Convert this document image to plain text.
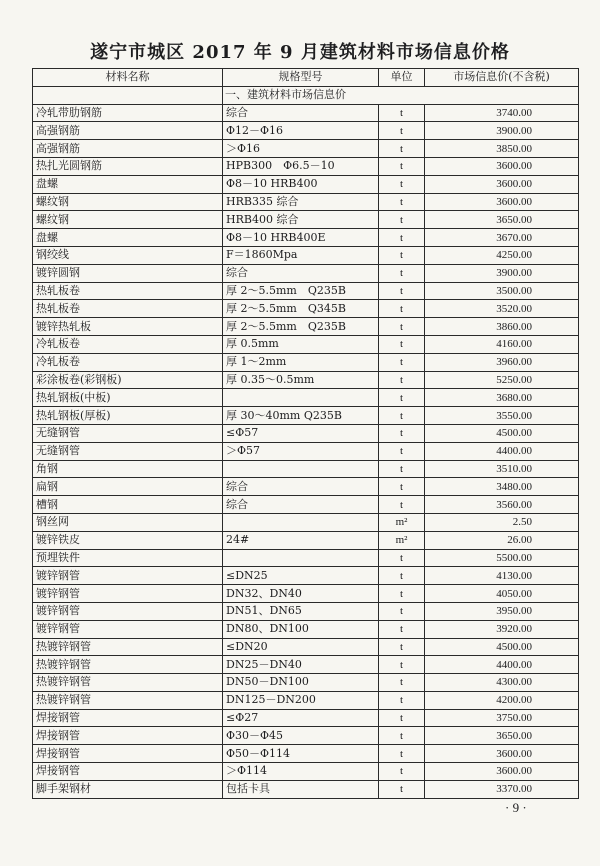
遂宁市城区 2017 年 9 月建筑材料市场信息价格
材料名称	规格型号	单位	市场信息价(不含税)
	一、建筑材料市场信息价		
冷轧带肋钢筋	综合	t	3740.00
高强钢筋	Φ12－Φ16	t	3900.00
高强钢筋	＞Φ16	t	3850.00
热扎光圆钢筋	HPB300　Φ6.5－10	t	3600.00
盘螺	Φ8－10 HRB400	t	3600.00
螺纹钢	HRB335 综合	t	3600.00
螺纹钢	HRB400 综合	t	3650.00
盘螺	Φ8－10 HRB400E	t	3670.00
钢绞线	F＝1860Mpa	t	4250.00
镀锌圆钢	综合	t	3900.00
热轧板卷	厚 2～5.5mm　Q235B	t	3500.00
热轧板卷	厚 2～5.5mm　Q345B	t	3520.00
镀锌热轧板	厚 2～5.5mm　Q235B	t	3860.00
冷轧板卷	厚 0.5mm	t	4160.00
冷轧板卷	厚 1～2mm	t	3960.00
彩涂板卷(彩钢板)	厚 0.35～0.5mm	t	5250.00
热轧钢板(中板)		t	3680.00
热轧钢板(厚板)	厚 30～40mm Q235B	t	3550.00
无缝钢管	≤Φ57	t	4500.00
无缝钢管	＞Φ57	t	4400.00
角钢		t	3510.00
扁钢	综合	t	3480.00
槽钢	综合	t	3560.00
钢丝网		m²	2.50
镀锌铁皮	24#	m²	26.00
预埋铁件		t	5500.00
镀锌钢管	≤DN25	t	4130.00
镀锌钢管	DN32、DN40	t	4050.00
镀锌钢管	DN51、DN65	t	3950.00
镀锌钢管	DN80、DN100	t	3920.00
热镀锌钢管	≤DN20	t	4500.00
热镀锌钢管	DN25－DN40	t	4400.00
热镀锌钢管	DN50－DN100	t	4300.00
热镀锌钢管	DN125－DN200	t	4200.00
焊接钢管	≤Φ27	t	3750.00
焊接钢管	Φ30－Φ45	t	3650.00
焊接钢管	Φ50－Φ114	t	3600.00
焊接钢管	＞Φ114	t	3600.00
脚手架钢材	包括卡具	t	3370.00
· 9 ·
